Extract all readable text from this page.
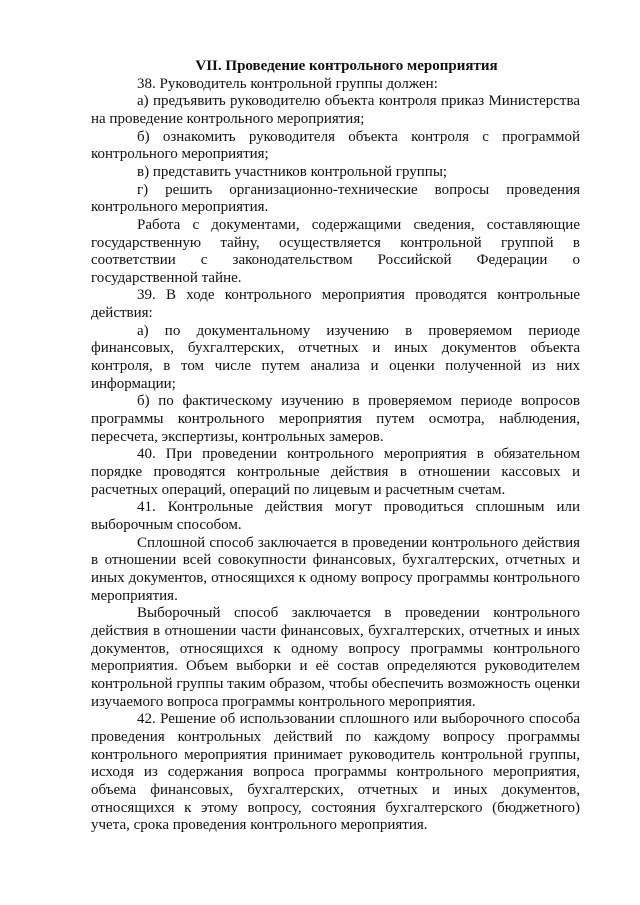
VII. Проведение контрольного мероприятия

38. Руководитель контрольной группы должен:

а) предъявить руководителю объекта контроля приказ Министерства на проведение контрольного мероприятия;

б) ознакомить руководителя объекта контроля с программой контрольного мероприятия;

в) представить участников контрольной группы;

г) решить организационно-технические вопросы проведения контрольного мероприятия.

Работа с документами, содержащими сведения, составляющие государственную тайну, осуществляется контрольной группой в соответствии с законодательством Российской Федерации о государственной тайне.

39. В ходе контрольного мероприятия проводятся контрольные действия:

а) по документальному изучению в проверяемом периоде финансовых, бухгалтерских, отчетных и иных документов объекта контроля, в том числе путем анализа и оценки полученной из них информации;

б) по фактическому изучению в проверяемом периоде вопросов программы контрольного мероприятия путем осмотра, наблюдения, пересчета, экспертизы, контрольных замеров.

40. При проведении контрольного мероприятия в обязательном порядке проводятся контрольные действия в отношении кассовых и расчетных операций, операций по лицевым и расчетным счетам.

41. Контрольные действия могут проводиться сплошным или выборочным способом.

Сплошной способ заключается в проведении контрольного действия в отношении всей совокупности финансовых, бухгалтерских, отчетных и иных документов, относящихся к одному вопросу программы контрольного мероприятия.

Выборочный способ заключается в проведении контрольного действия в отношении части финансовых, бухгалтерских, отчетных и иных документов, относящихся к одному вопросу программы контрольного мероприятия. Объем выборки и её состав определяются руководителем контрольной группы таким образом, чтобы обеспечить возможность оценки изучаемого вопроса программы контрольного мероприятия.

42. Решение об использовании сплошного или выборочного способа проведения контрольных действий по каждому вопросу программы контрольного мероприятия принимает руководитель контрольной группы, исходя из содержания вопроса программы контрольного мероприятия, объема финансовых, бухгалтерских, отчетных и иных документов, относящихся к этому вопросу, состояния бухгалтерского (бюджетного) учета, срока проведения контрольного мероприятия.
